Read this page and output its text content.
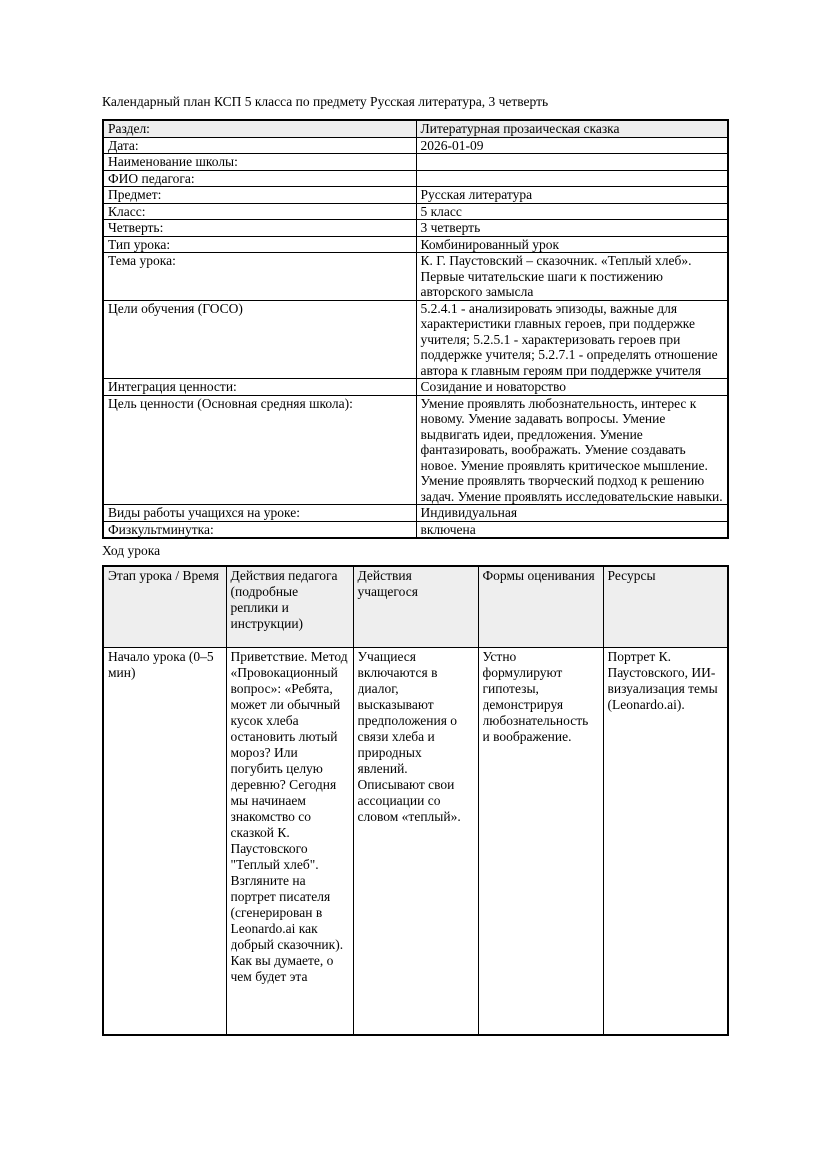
Календарный план КСП 5 класса по предмету Русская литература, 3 четверть
Раздел:	Литературная прозаическая сказка
Дата:	2026-01-09
Наименование школы:	
ФИО педагога:	
Предмет:	Русская литература
Класс:	5 класс
Четверть:	3 четверть
Тип урока:	Комбинированный урок
Тема урока:	К. Г. Паустовский – сказочник. «Теплый хлеб». Первые читательские шаги к постижению авторского замысла
Цели обучения (ГОСО)	5.2.4.1 - анализировать эпизоды, важные для характеристики главных героев, при поддержке учителя; 5.2.5.1 - характеризовать героев при поддержке учителя; 5.2.7.1 - определять отношение автора к главным героям при поддержке учителя
Интеграция ценности:	Созидание и новаторство
Цель ценности (Основная средняя школа):	Умение проявлять любознательность, интерес к новому. Умение задавать вопросы. Умение выдвигать идеи, предложения. Умение фантазировать, воображать. Умение создавать новое. Умение проявлять критическое мышление. Умение проявлять творческий подход к решению задач. Умение проявлять исследовательские навыки.
Виды работы учащихся на уроке:	Индивидуальная
Физкультминутка:	включена
Ход урока
Этап урока / Время	Действия педагога (подробные реплики и инструкции)	Действия учащегося	Формы оценивания	Ресурсы

Начало урока (0–5 мин)	Приветствие. Метод «Провокационный вопрос»: «Ребята, может ли обычный кусок хлеба остановить лютый мороз? Или погубить целую деревню? Сегодня мы начинаем знакомство со сказкой К. Паустовского "Теплый хлеб". Взгляните на портрет писателя (сгенерирован в Leonardo.ai как добрый сказочник). Как вы думаете, о чем будет эта	Учащиеся включаются в диалог, высказывают предположения о связи хлеба и природных явлений. Описывают свои ассоциации со словом «теплый».	Устно формулируют гипотезы, демонстрируя любознательность и воображение.	Портрет К. Паустовского, ИИ-визуализация темы (Leonardo.ai).
